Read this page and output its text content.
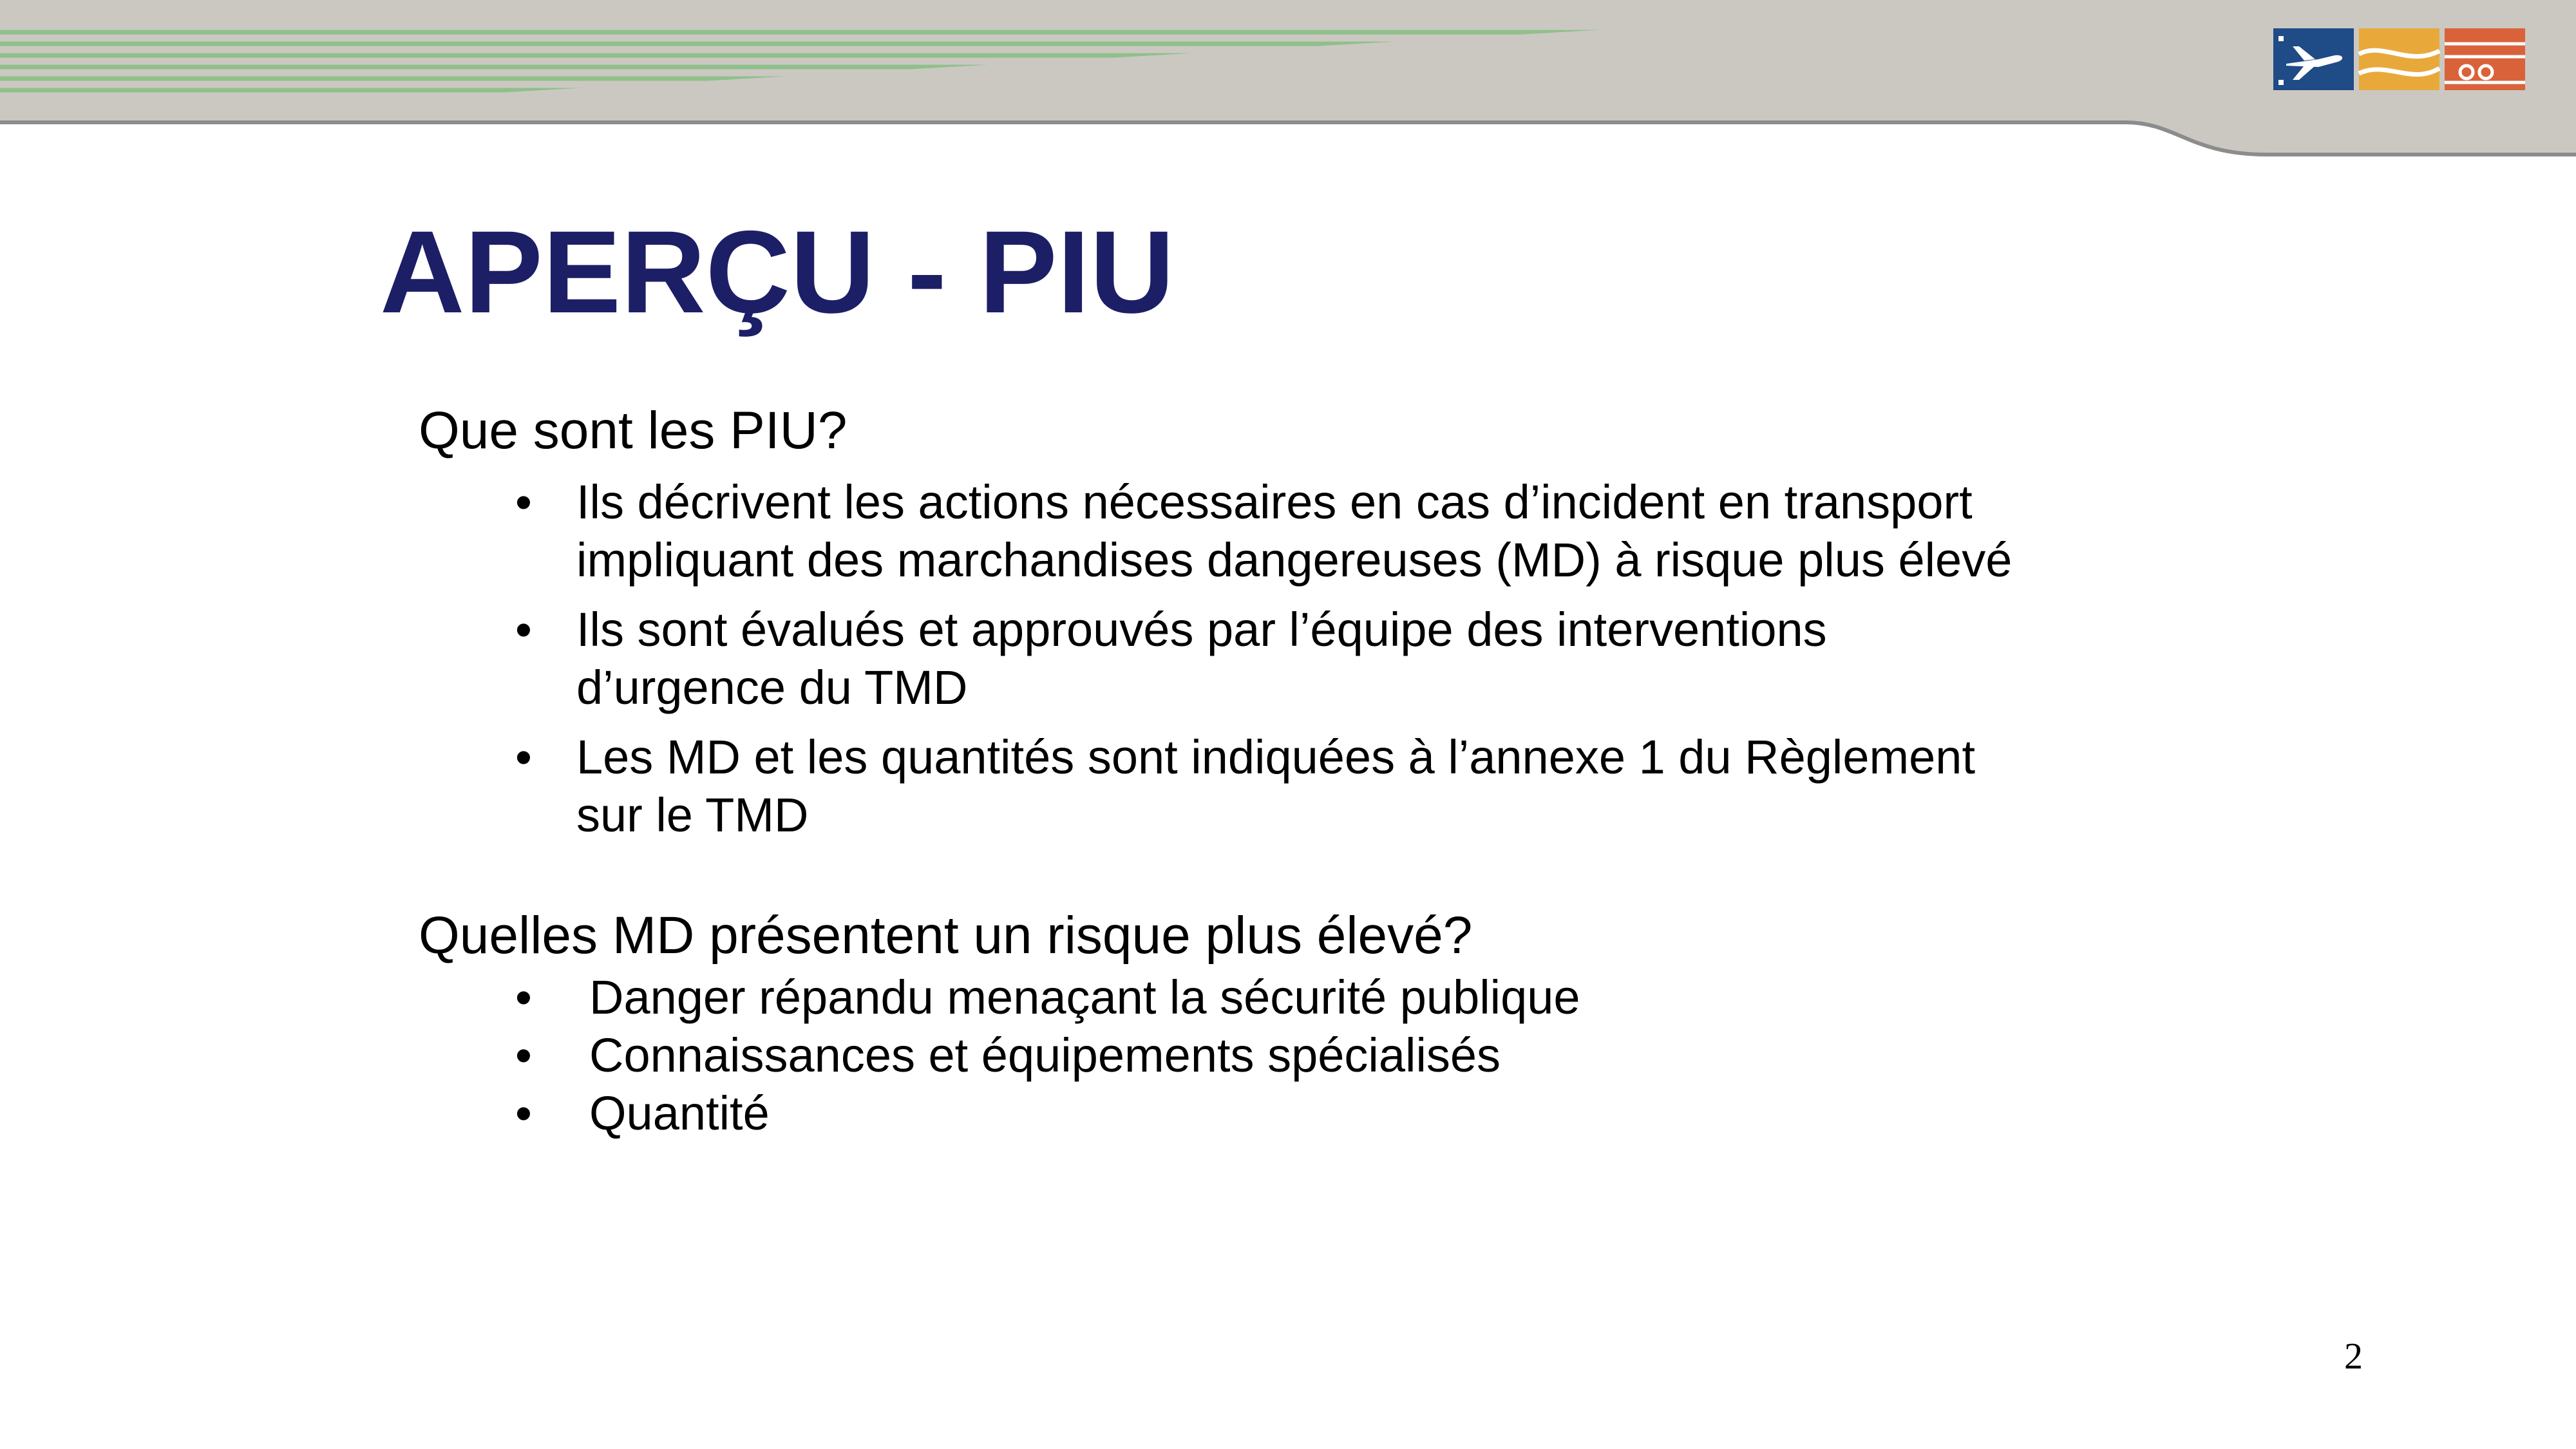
APERÇU - PIU

Que sont les PIU?

• Ils décrivent les actions nécessaires en cas d’incident en transport
impliquant des marchandises dangereuses (MD) à risque plus élevé
• Ils sont évalués et approuvés par l’équipe des interventions
d’urgence du TMD
• Les MD et les quantités sont indiquées à l’annexe 1 du Règlement
sur le TMD

Quelles MD présentent un risque plus élevé?

• Danger répandu menaçant la sécurité publique
• Connaissances et équipements spécialisés
• Quantité
2
